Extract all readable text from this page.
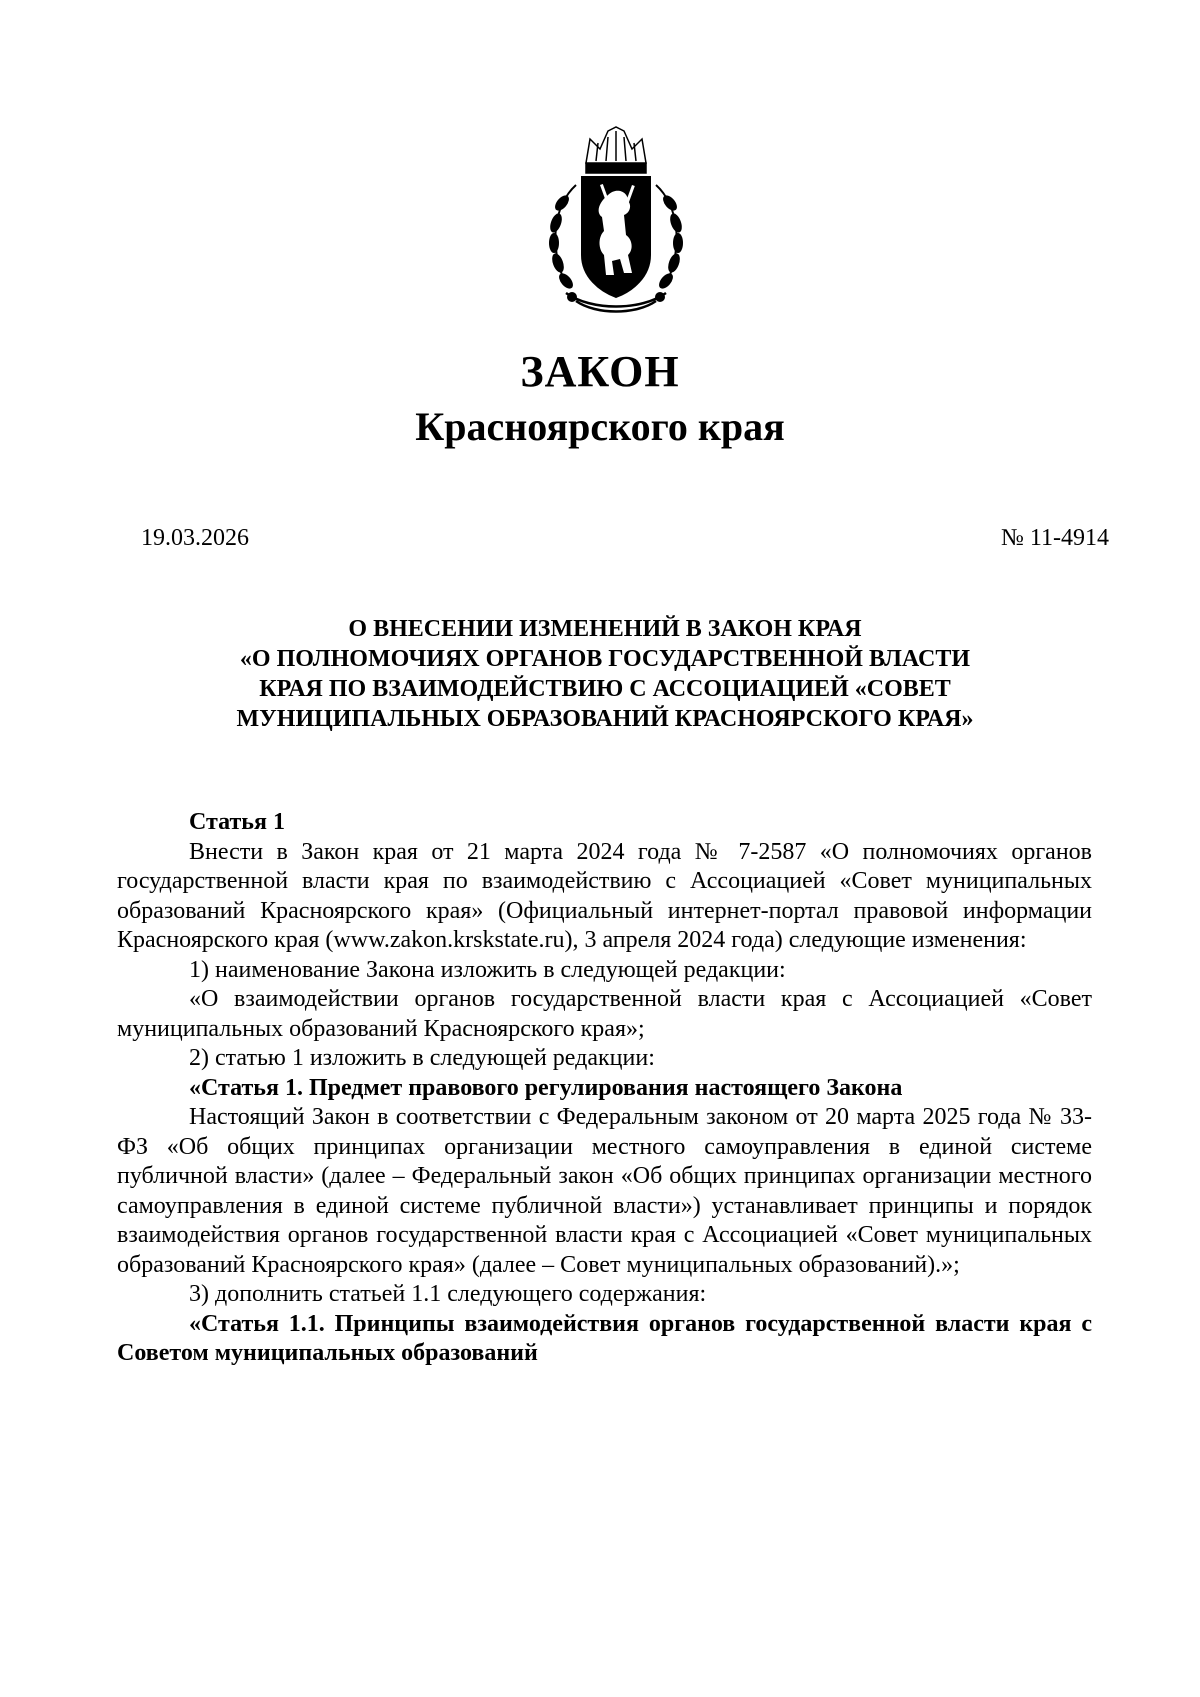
ЗАКОН
Красноярского края
19.03.2026	№ 11-4914
О ВНЕСЕНИИ ИЗМЕНЕНИЙ В ЗАКОН КРАЯ
«О ПОЛНОМОЧИЯХ ОРГАНОВ ГОСУДАРСТВЕННОЙ ВЛАСТИ
КРАЯ ПО ВЗАИМОДЕЙСТВИЮ С АССОЦИАЦИЕЙ «СОВЕТ
МУНИЦИПАЛЬНЫХ ОБРАЗОВАНИЙ КРАСНОЯРСКОГО КРАЯ»

Статья 1

Внести в Закон края от 21 марта 2024 года № 7-2587 «О полномочиях органов государственной власти края по взаимодействию с Ассоциацией «Совет муниципальных образований Красноярского края» (Официальный интернет-портал правовой информации Красноярского края (www.zakon.krskstate.ru), 3 апреля 2024 года) следующие изменения:

1) наименование Закона изложить в следующей редакции:

«О взаимодействии органов государственной власти края с Ассоциацией «Совет муниципальных образований Красноярского края»;

2) статью 1 изложить в следующей редакции:

«Статья 1. Предмет правового регулирования настоящего Закона

Настоящий Закон в соответствии с Федеральным законом от 20 марта 2025 года № 33-ФЗ «Об общих принципах организации местного самоуправления в единой системе публичной власти» (далее – Федеральный закон «Об общих принципах организации местного самоуправления в единой системе публичной власти») устанавливает принципы и порядок взаимодействия органов государственной власти края с Ассоциацией «Совет муниципальных образований Красноярского края» (далее – Совет муниципальных образований).»;

3) дополнить статьей 1.1 следующего содержания:

«Статья 1.1. Принципы взаимодействия органов государственной власти края с Советом муниципальных образований
